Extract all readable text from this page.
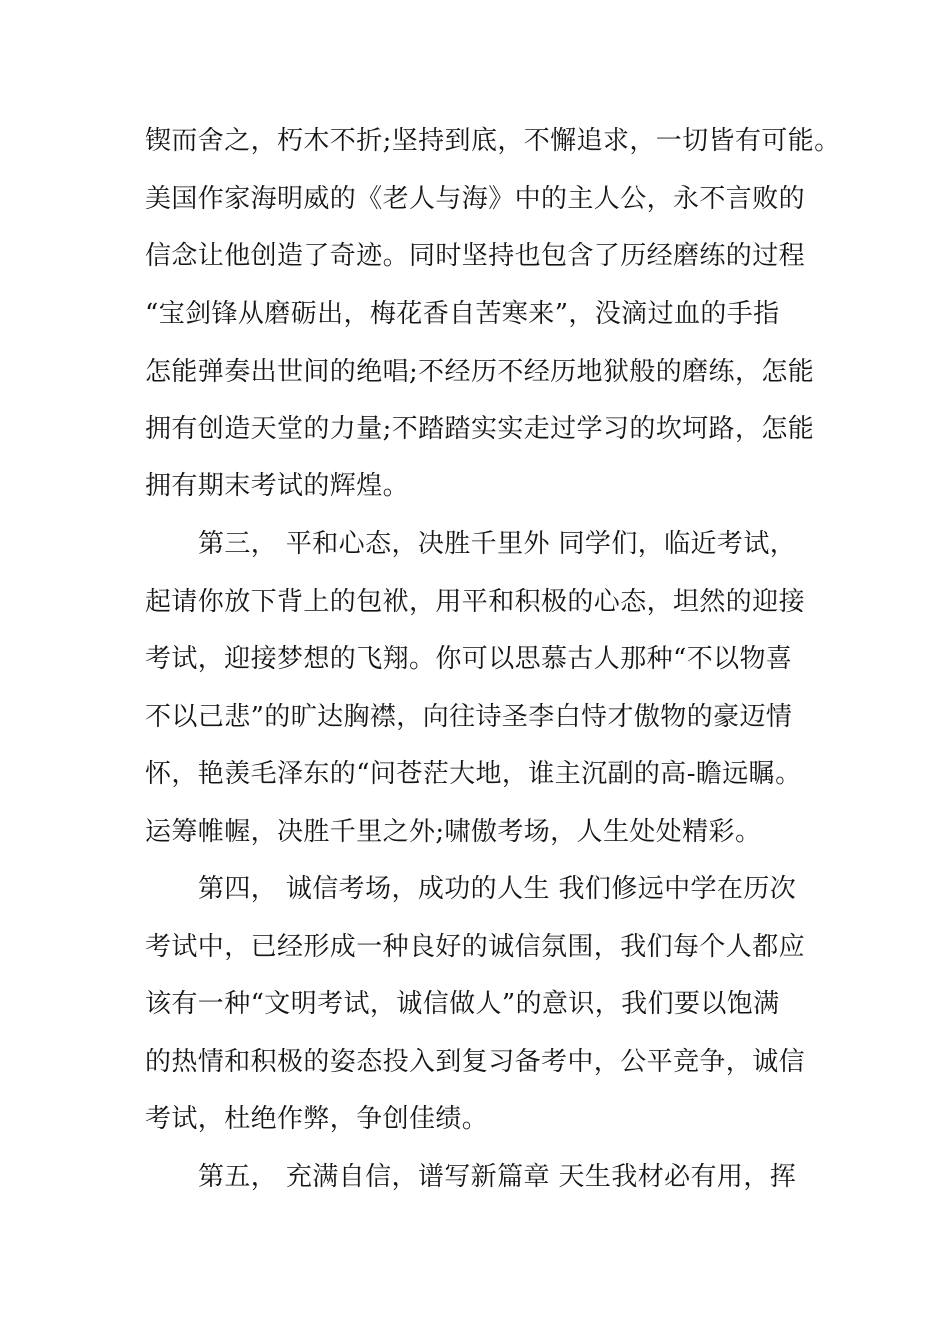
锲而舍之，朽木不折;坚持到底，不懈追求，一切皆有可能。
美国作家海明威的《老人与海》中的主人公，永不言败的
信念让他创造了奇迹。同时坚持也包含了历经磨练的过程
“宝剑锋从磨砺出，梅花香自苦寒来”，没滴过血的手指
怎能弹奏出世间的绝唱;不经历不经历地狱般的磨练，怎能
拥有创造天堂的力量;不踏踏实实走过学习的坎坷路，怎能
拥有期末考试的辉煌。
第三， 平和心态，决胜千里外 同学们，临近考试，
起请你放下背上的包袱，用平和积极的心态，坦然的迎接
考试，迎接梦想的飞翔。你可以思慕古人那种“不以物喜
不以己悲”的旷达胸襟，向往诗圣李白恃才傲物的豪迈情
怀，艳羡毛泽东的“问苍茫大地，谁主沉副的高-瞻远瞩。
运筹帷幄，决胜千里之外;啸傲考场，人生处处精彩。
第四， 诚信考场，成功的人生 我们修远中学在历次
考试中，已经形成一种良好的诚信氛围，我们每个人都应
该有一种“文明考试，诚信做人”的意识，我们要以饱满
的热情和积极的姿态投入到复习备考中，公平竞争，诚信
考试，杜绝作弊，争创佳绩。
第五， 充满自信，谱写新篇章 天生我材必有用，挥
